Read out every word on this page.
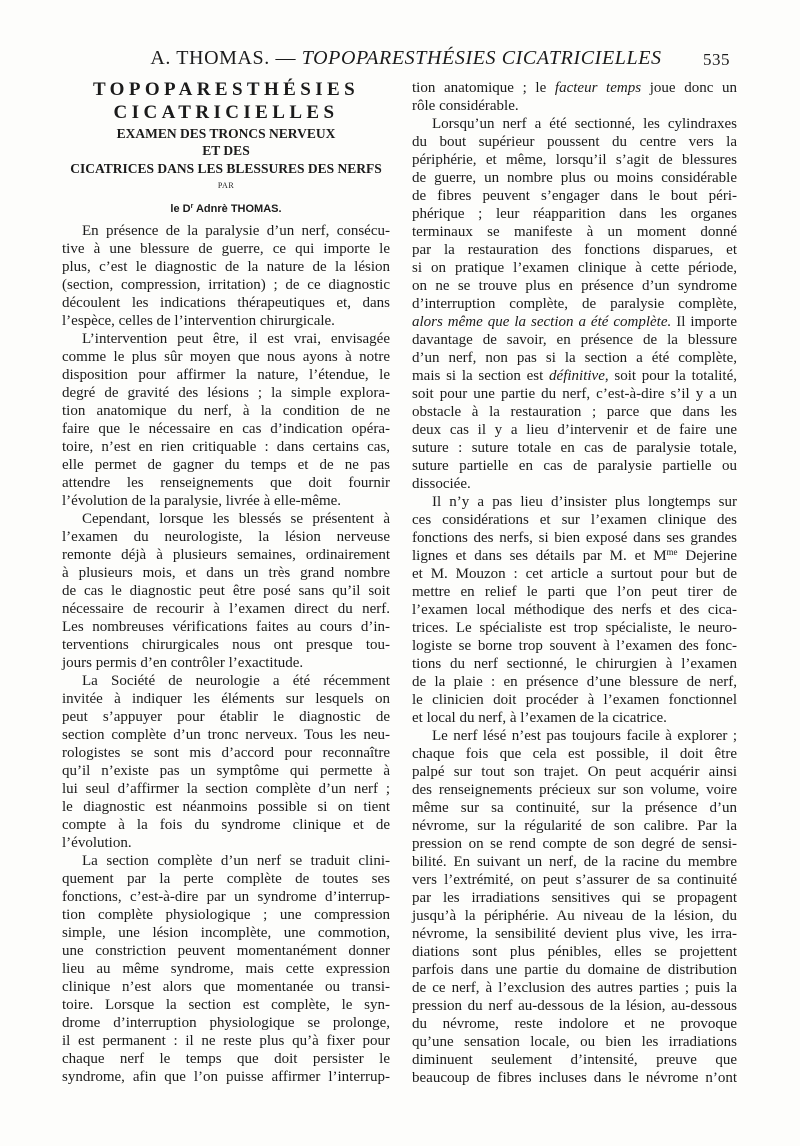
A. THOMAS. — TOPOPARESTHÉSIES CICATRICIELLES	535
TOPOPARESTHÉSIES
CICATRICIELLES
EXAMEN DES TRONCS NERVEUX
ET DES
CICATRICES DANS LES BLESSURES DES NERFS
PAR
le $D^r$ Adnrè THOMAS.
En présence de la paralysie d’un nerf, consécu-
tive à une blessure de guerre, ce qui importe le
plus, c’est le diagnostic de la nature de la lésion
(section, compression, irritation) ; de ce diagnostic
découlent les indications thérapeutiques et, dans
l’espèce, celles de l’intervention chirurgicale.
L’intervention peut être, il est vrai, envisagée
comme le plus sûr moyen que nous ayons à notre
disposition pour affirmer la nature, l’étendue, le
degré de gravité des lésions ; la simple explora-
tion anatomique du nerf, à la condition de ne
faire que le nécessaire en cas d’indication opéra-
toire, n’est en rien critiquable : dans certains cas,
elle permet de gagner du temps et de ne pas
attendre les renseignements que doit fournir
l’évolution de la paralysie, livrée à elle-même.
Cependant, lorsque les blessés se présentent à
l’examen du neurologiste, la lésion nerveuse
remonte déjà à plusieurs semaines, ordinairement
à plusieurs mois, et dans un très grand nombre
de cas le diagnostic peut être posé sans qu’il soit
nécessaire de recourir à l’examen direct du nerf.
Les nombreuses vérifications faites au cours d’in-
terventions chirurgicales nous ont presque tou-
jours permis d’en contrôler l’exactitude.
La Société de neurologie a été récemment
invitée à indiquer les éléments sur lesquels on
peut s’appuyer pour établir le diagnostic de
section complète d’un tronc nerveux. Tous les neu-
rologistes se sont mis d’accord pour reconnaître
qu’il n’existe pas un symptôme qui permette à
lui seul d’affirmer la section complète d’un nerf ;
le diagnostic est néanmoins possible si on tient
compte à la fois du syndrome clinique et de
l’évolution.
La section complète d’un nerf se traduit clini-
quement par la perte complète de toutes ses
fonctions, c’est-à-dire par un syndrome d’interrup-
tion complète physiologique ; une compression
simple, une lésion incomplète, une commotion,
une constriction peuvent momentanément donner
lieu au même syndrome, mais cette expression
clinique n’est alors que momentanée ou transi-
toire. Lorsque la section est complète, le syn-
drome d’interruption physiologique se prolonge,
il est permanent : il ne reste plus qu’à fixer pour
chaque nerf le temps que doit persister le
syndrome, afin que l’on puisse affirmer l’interrup-
tion anatomique ; le facteur temps joue donc un
rôle considérable.
Lorsqu’un nerf a été sectionné, les cylindraxes
du bout supérieur poussent du centre vers la
périphérie, et même, lorsqu’il s’agit de blessures
de guerre, un nombre plus ou moins considérable
de fibres peuvent s’engager dans le bout péri-
phérique ; leur réapparition dans les organes
terminaux se manifeste à un moment donné
par la restauration des fonctions disparues, et
si on pratique l’examen clinique à cette période,
on ne se trouve plus en présence d’un syndrome
d’interruption complète, de paralysie complète,
alors même que la section a été complète. Il importe
davantage de savoir, en présence de la blessure
d’un nerf, non pas si la section a été complète,
mais si la section est définitive, soit pour la totalité,
soit pour une partie du nerf, c’est-à-dire s’il y a un
obstacle à la restauration ; parce que dans les
deux cas il y a lieu d’intervenir et de faire une
suture : suture totale en cas de paralysie totale,
suture partielle en cas de paralysie partielle ou
dissociée.
Il n’y a pas lieu d’insister plus longtemps sur
ces considérations et sur l’examen clinique des
fonctions des nerfs, si bien exposé dans ses grandes
lignes et dans ses détails par M. et $M^{me}$ Dejerine
et M. Mouzon : cet article a surtout pour but de
mettre en relief le parti que l’on peut tirer de
l’examen local méthodique des nerfs et des cica-
trices. Le spécialiste est trop spécialiste, le neuro-
logiste se borne trop souvent à l’examen des fonc-
tions du nerf sectionné, le chirurgien à l’examen
de la plaie : en présence d’une blessure de nerf,
le clinicien doit procéder à l’examen fonctionnel
et local du nerf, à l’examen de la cicatrice.
Le nerf lésé n’est pas toujours facile à explorer ;
chaque fois que cela est possible, il doit être
palpé sur tout son trajet. On peut acquérir ainsi
des renseignements précieux sur son volume, voire
même sur sa continuité, sur la présence d’un
névrome, sur la régularité de son calibre. Par la
pression on se rend compte de son degré de sensi-
bilité. En suivant un nerf, de la racine du membre
vers l’extrémité, on peut s’assurer de sa continuité
par les irradiations sensitives qui se propagent
jusqu’à la périphérie. Au niveau de la lésion, du
névrome, la sensibilité devient plus vive, les irra-
diations sont plus pénibles, elles se projettent
parfois dans une partie du domaine de distribution
de ce nerf, à l’exclusion des autres parties ; puis la
pression du nerf au-dessous de la lésion, au-dessous
du névrome, reste indolore et ne provoque
qu’une sensation locale, ou bien les irradiations
diminuent seulement d’intensité, preuve que
beaucoup de fibres incluses dans le névrome n’ont
